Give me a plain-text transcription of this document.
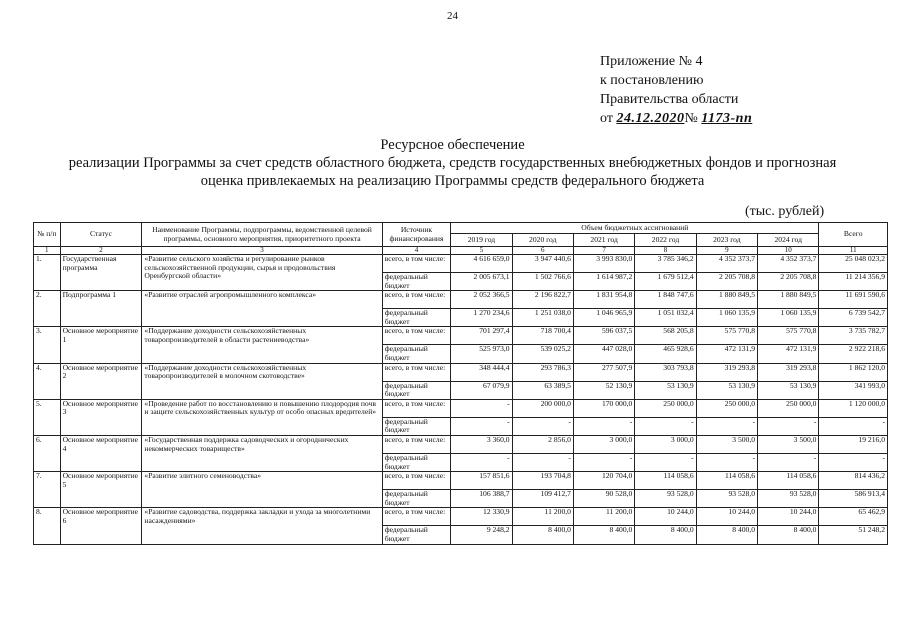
24
Приложение № 4
к постановлению
Правительства области
от 24.12.2020№ 1173-пп
Ресурсное обеспечение
реализации Программы за счет средств областного бюджета, средств государственных внебюджетных фондов и прогнозная
оценка привлекаемых на реализацию Программы средств федерального бюджета
(тыс. рублей)
№ п/п	Статус	Наименование Программы, подпрограммы, ведомственной целевой программы, основного мероприятия, приоритетного проекта	Источник финансирования	Объем бюджетных ассигнований						Всего
				2019 год	2020 год	2021 год	2022 год	2023 год	2024 год	
1	2	3	4	5	6	7	8	9	10	11
1.	Государственная программа	«Развитие сельского хозяйства и регулирование рынков сельскохозяйственной продукции, сырья и продовольствия Оренбургской области»	всего, в том числе:	4 616 659,0	3 947 440,6	3 993 830,0	3 785 346,2	4 352 373,7	4 352 373,7	25 048 023,2
			федеральный бюджет	2 005 673,1	1 502 766,6	1 614 987,2	1 679 512,4	2 205 708,8	2 205 708,8	11 214 356,9
2.	Подпрограмма 1	«Развитие отраслей агропромышленного комплекса»	всего, в том числе:	2 052 366,5	2 196 822,7	1 831 954,8	1 848 747,6	1 880 849,5	1 880 849,5	11 691 590,6
			федеральный бюджет	1 270 234,6	1 251 038,0	1 046 965,9	1 051 032,4	1 060 135,9	1 060 135,9	6 739 542,7
3.	Основное мероприятие 1	«Поддержание доходности сельскохозяйственных товаропроизводителей в области растениеводства»	всего, в том числе:	701 297,4	718 700,4	596 037,5	568 205,8	575 770,8	575 770,8	3 735 782,7
			федеральный бюджет	525 973,0	539 025,2	447 028,0	465 928,6	472 131,9	472 131,9	2 922 218,6
4.	Основное мероприятие 2	«Поддержание доходности сельскохозяйственных товаропроизводителей в молочном скотоводстве»	всего, в том числе:	348 444,4	293 786,3	277 507,9	303 793,8	319 293,8	319 293,8	1 862 120,0
			федеральный бюджет	67 079,9	63 389,5	52 130,9	53 130,9	53 130,9	53 130,9	341 993,0
5.	Основное мероприятие 3	«Проведение работ по восстановлению и повышению плодородия почв и защите сельскохозяйственных культур от особо опасных вредителей»	всего, в том числе:	-	200 000,0	170 000,0	250 000,0	250 000,0	250 000,0	1 120 000,0
			федеральный бюджет	-	-	-	-	-	-	-
6.	Основное мероприятие 4	«Государственная поддержка садоводческих и огороднических некоммерческих товариществ»	всего, в том числе:	3 360,0	2 856,0	3 000,0	3 000,0	3 500,0	3 500,0	19 216,0
			федеральный бюджет	-	-	-	-	-	-	-
7.	Основное мероприятие 5	«Развитие элитного семеноводства»	всего, в том числе:	157 851,6	193 704,8	120 704,0	114 058,6	114 058,6	114 058,6	814 436,2
			федеральный бюджет	106 388,7	109 412,7	90 528,0	93 528,0	93 528,0	93 528,0	586 913,4
8.	Основное мероприятие 6	«Развитие садоводства, поддержка закладки и ухода за многолетними насаждениями»	всего, в том числе:	12 330,9	11 200,0	11 200,0	10 244,0	10 244,0	10 244,0	65 462,9
			федеральный бюджет	9 248,2	8 400,0	8 400,0	8 400,0	8 400,0	8 400,0	51 248,2
